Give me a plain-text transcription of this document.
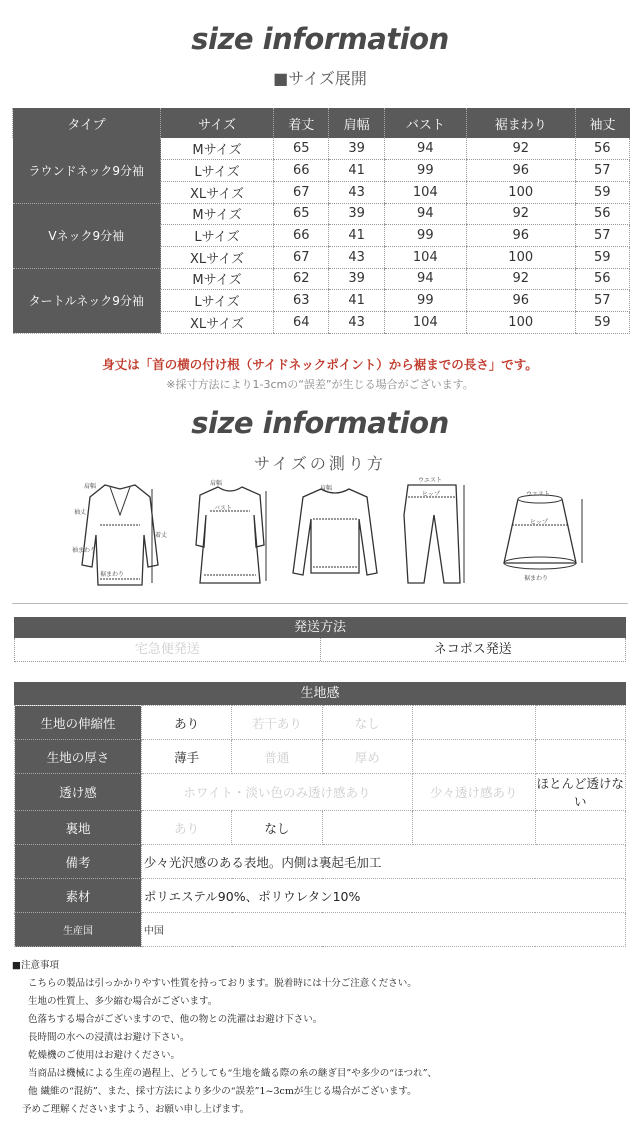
size information
■サイズ展開
タイプ	サイズ	着丈	肩幅	バスト	裾まわり	袖丈
ラウンドネック9分袖	Mサイズ	65	39	94	92	56
	Lサイズ	66	41	99	96	57
	XLサイズ	67	43	104	100	59
Vネック9分袖	Mサイズ	65	39	94	92	56
	Lサイズ	66	41	99	96	57
	XLサイズ	67	43	104	100	59
タートルネック9分袖	Mサイズ	62	39	94	92	56
	Lサイズ	63	41	99	96	57
	XLサイズ	64	43	104	100	59
身丈は「首の横の付け根（サイドネックポイント）から裾までの長さ」です。
※採寸方法により1-3cmの“誤差”が生じる場合がございます。
size information
サイズの測り方
肩幅
袖丈
袖まわり
裾まわり
着丈
肩幅
バスト
肩幅
ウエスト
ヒップ	ウエスト
ヒップ
裾まわり
発送方法
宅急便発送	ネコポス発送
生地感
生地の伸縮性	あり	若干あり	なし		
生地の厚さ	薄手	普通	厚め		
透け感	ホワイト・淡い色のみ透け感あり			少々透け感あり	ほとんど透けない
裏地	あり	なし			
備考	少々光沢感のある表地。内側は裏起毛加工				
素材	ポリエステル90%、ポリウレタン10%				
生産国	中国				
■注意事項
こちらの製品は引っかかりやすい性質を持っております。脱着時には十分ご注意ください。
生地の性質上、多少縮む場合がございます。
色落ちする場合がございますので、他の物との洗濯はお避け下さい。
長時間の水への浸漬はお避け下さい。
乾燥機のご使用はお避けください。
当商品は機械による生産の過程上、どうしても“生地を織る際の糸の継ぎ目”や多少の“ほつれ”、
他 繊維の“混紡”、また、採寸方法により多少の“誤差”1~3cmが生じる場合がございます。
予めご理解くださいますよう、お願い申し上げます。
